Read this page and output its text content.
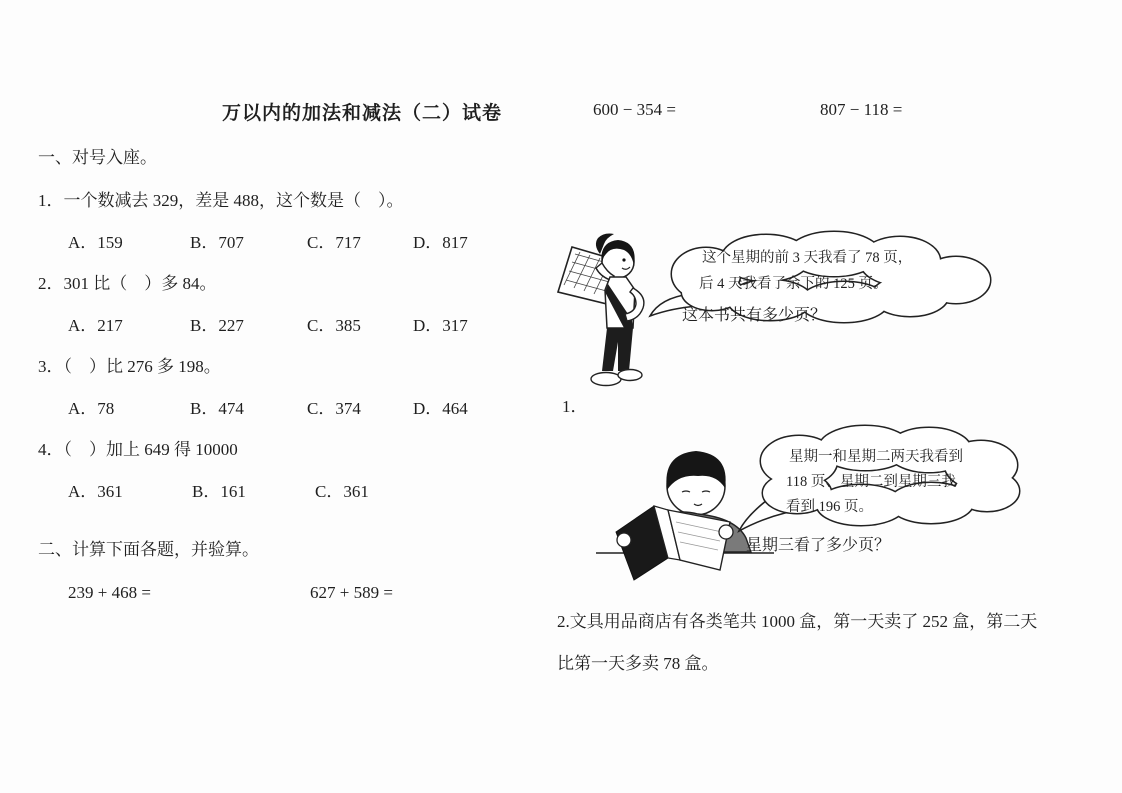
万以内的加法和减法（二）试卷	600 − 354 =	807 − 118 =
一、对号入座。
1．一个数减去 329，差是 488，这个数是（　）。
A．159	B．707	C．717	D．817
2．301 比（　）多 84。
A．217	B．227	C．385	D．317
3．（　）比 276 多 198。
A．78	B．474	C．374	D．464
4．（　）加上 649 得 10000
A．361	B．161	C．361
二、计算下面各题，并验算。
239 + 468 =	627 + 589 =
这个星期的前 3 天我看了 78 页，
后 4 天我看了余下的 125 页。
这本书共有多少页？
1．
星期一和星期二两天我看到
118 页、星期二到星期三我
看到 196 页。
星期三看了多少页？
2.文具用品商店有各类笔共 1000 盒，第一天卖了 252 盒，第二天
比第一天多卖 78 盒。
